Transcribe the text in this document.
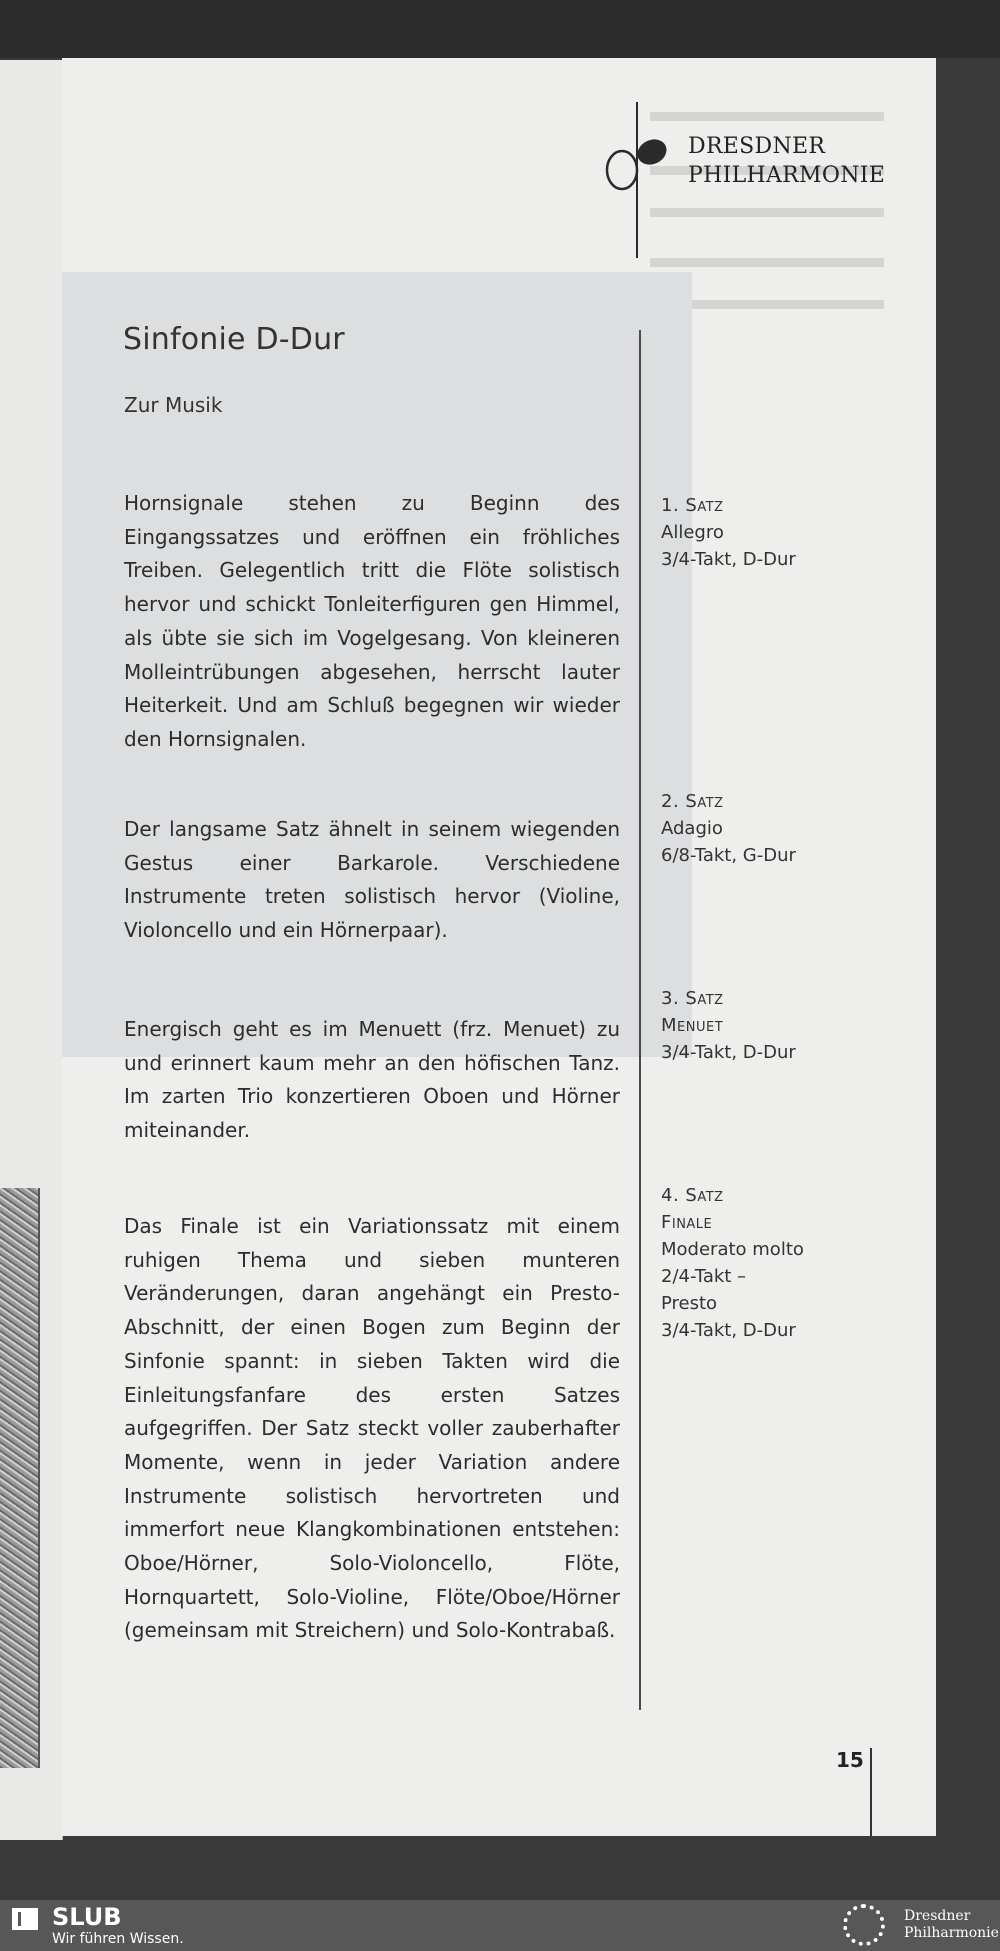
DRESDNER
PHILHARMONIE
Sinfonie D-Dur
Zur Musik

Hornsignale stehen zu Beginn des Eingangssatzes und eröffnen ein fröhliches Treiben. Gelegentlich tritt die Flöte solistisch hervor und schickt Tonleiterfiguren gen Himmel, als übte sie sich im Vogelgesang. Von kleineren Molleintrübungen abgesehen, herrscht lauter Heiterkeit. Und am Schluß begegnen wir wieder den Hornsignalen.

Der langsame Satz ähnelt in seinem wiegenden Gestus einer Barkarole. Verschiedene Instrumente treten solistisch hervor (Violine, Violoncello und ein Hörnerpaar).

Energisch geht es im Menuett (frz. Menuet) zu und erinnert kaum mehr an den höfischen Tanz. Im zarten Trio konzertieren Oboen und Hörner miteinander.

Das Finale ist ein Variationssatz mit einem ruhigen Thema und sieben munteren Veränderungen, daran angehängt ein Presto-Abschnitt, der einen Bogen zum Beginn der Sinfonie spannt: in sieben Takten wird die Einleitungsfanfare des ersten Satzes aufgegriffen. Der Satz steckt voller zauberhafter Momente, wenn in jeder Variation andere Instrumente solistisch hervortreten und immerfort neue Klangkombinationen entstehen: Oboe/Hörner, Solo-Violoncello, Flöte, Hornquartett, Solo-Violine, Flöte/Oboe/Hörner (gemeinsam mit Streichern) und Solo-Kontrabaß.

1. Satz
Allegro
3/4-Takt, D-Dur
2. Satz
Adagio
6/8-Takt, G-Dur
3. Satz
Menuet
3/4-Takt, D-Dur
4. Satz
Finale
Moderato molto
2/4-Takt –
Presto
3/4-Takt, D-Dur
15
SLUB
Wir führen Wissen.
Dresdner
Philharmonie
